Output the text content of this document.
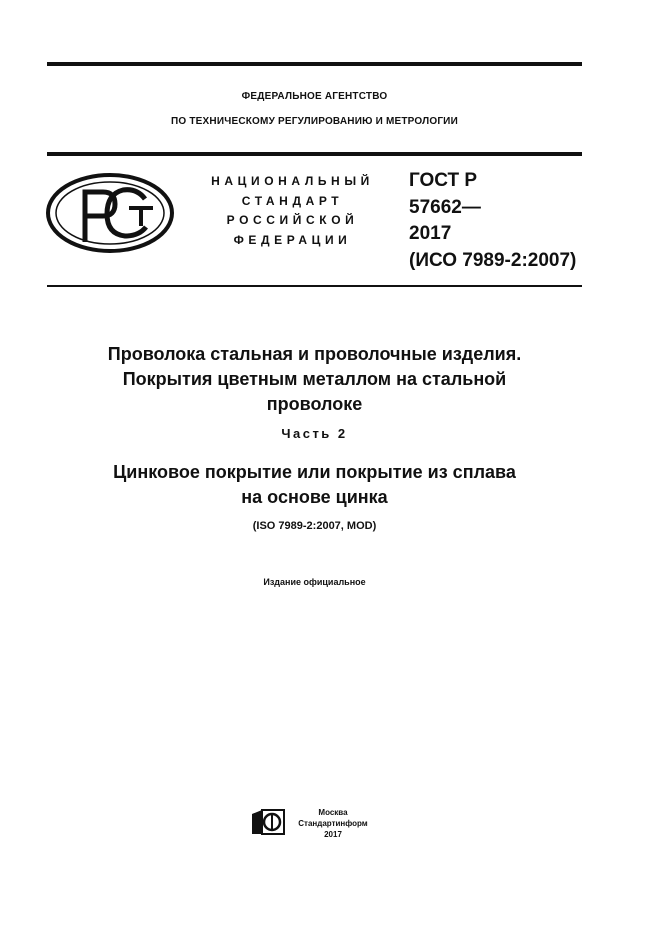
ФЕДЕРАЛЬНОЕ АГЕНТСТВО
ПО ТЕХНИЧЕСКОМУ РЕГУЛИРОВАНИЮ И МЕТРОЛОГИИ
НАЦИОНАЛЬНЫЙ
СТАНДАРТ
РОССИЙСКОЙ
ФЕДЕРАЦИИ
ГОСТ Р
57662—
2017
(ИСО 7989-2:2007)
Проволока стальная и проволочные изделия.
Покрытия цветным металлом на стальной
проволоке
Часть 2
Цинковое покрытие или покрытие из сплава
на основе цинка
(ISO 7989-2:2007, MOD)
Издание официальное
Москва
Стандартинформ
2017
